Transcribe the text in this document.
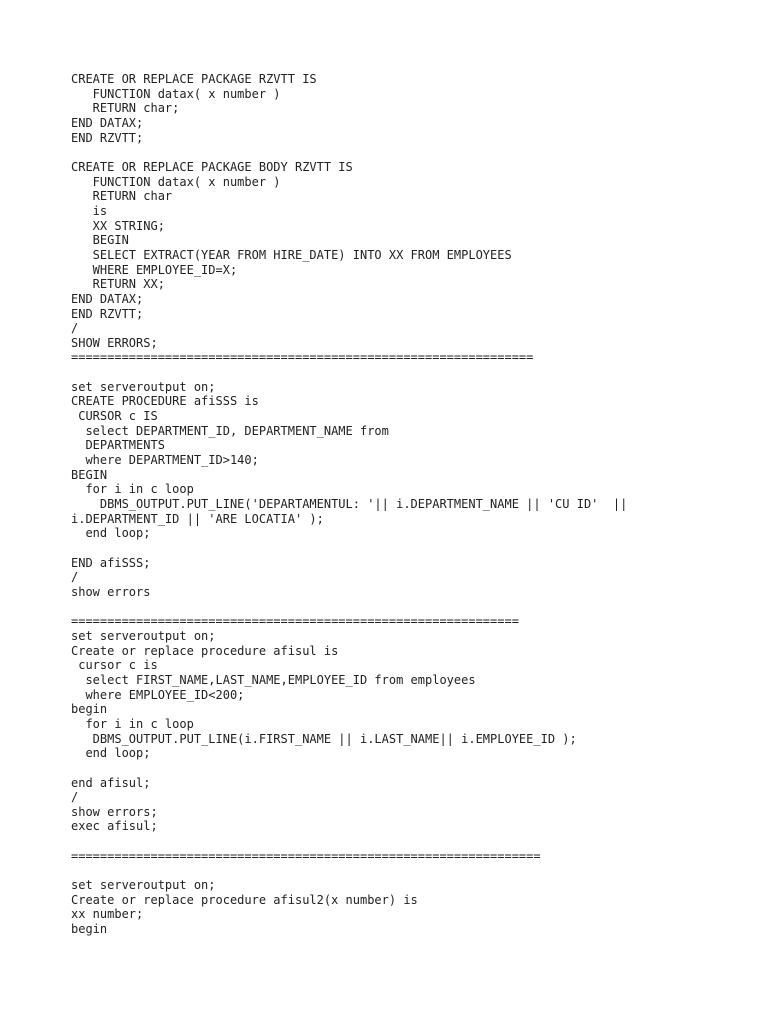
CREATE OR REPLACE PACKAGE RZVTT IS
FUNCTION datax( x number )
RETURN char;
END DATAX;
END RZVTT;
CREATE OR REPLACE PACKAGE BODY RZVTT IS
FUNCTION datax( x number )
RETURN char
is
XX STRING;
BEGIN
SELECT EXTRACT(YEAR FROM HIRE_DATE) INTO XX FROM EMPLOYEES
WHERE EMPLOYEE_ID=X;
RETURN XX;
END DATAX;
END RZVTT;
/
SHOW ERRORS;
================================================================
set serveroutput on;
CREATE PROCEDURE afiSSS is
CURSOR c IS
select DEPARTMENT_ID, DEPARTMENT_NAME from
DEPARTMENTS
where DEPARTMENT_ID>140;
BEGIN
for i in c loop
DBMS_OUTPUT.PUT_LINE('DEPARTAMENTUL: '|| i.DEPARTMENT_NAME || 'CU ID'  ||
i.DEPARTMENT_ID || 'ARE LOCATIA' );
end loop;
END afiSSS;
/
show errors
==============================================================
set serveroutput on;
Create or replace procedure afisul is
cursor c is
select FIRST_NAME,LAST_NAME,EMPLOYEE_ID from employees
where EMPLOYEE_ID<200;
begin
for i in c loop
DBMS_OUTPUT.PUT_LINE(i.FIRST_NAME || i.LAST_NAME|| i.EMPLOYEE_ID );
end loop;
end afisul;
/
show errors;
exec afisul;
=================================================================
set serveroutput on;
Create or replace procedure afisul2(x number) is
xx number;
begin
